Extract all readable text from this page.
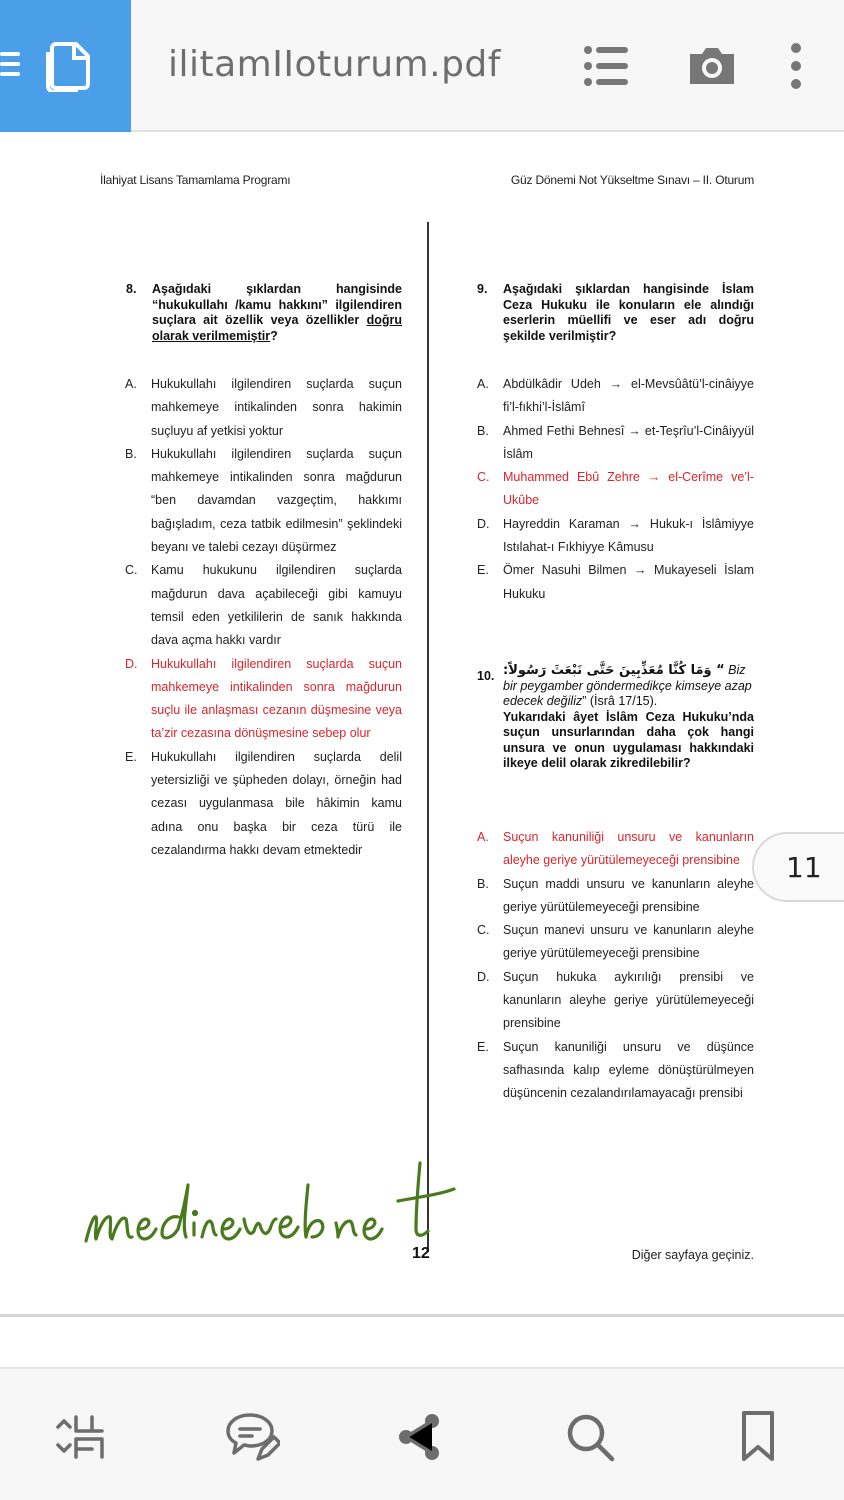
ilitamIIoturum.pdf
İlahiyat Lisans Tamamlama Programı	Güz Dönemi Not Yükseltme Sınavı – II. Oturum
8. Aşağıdaki şıklardan hangisinde “hukukullahı /kamu hakkını” ilgilendiren suçlara ait özellik veya özellikler doğru olarak verilmemiştir?

A. Hukukullahı ilgilendiren suçlarda suçun mahkemeye intikalinden sonra hakimin suçluyu af yetkisi yoktur
B. Hukukullahı ilgilendiren suçlarda suçun mahkemeye intikalinden sonra mağdurun “ben davamdan vazgeçtim, hakkımı bağışladım, ceza tatbik edilmesin” şeklindeki beyanı ve talebi cezayı düşürmez
C. Kamu hukukunu ilgilendiren suçlarda mağdurun dava açabileceği gibi kamuyu temsil eden yetkililerin de sanık hakkında dava açma hakkı vardır
D. Hukukullahı ilgilendiren suçlarda suçun mahkemeye intikalinden sonra mağdurun suçlu ile anlaşması cezanın düşmesine veya ta’zir cezasına dönüşmesine sebep olur
E. Hukukullahı ilgilendiren suçlarda delil yetersizliği ve şüpheden dolayı, örneğin had cezası uygulanmasa bile hâkimin kamu adına onu başka bir ceza türü ile cezalandırma hakkı devam etmektedir
9. Aşağıdaki şıklardan hangisinde İslam Ceza Hukuku ile konuların ele alındığı eserlerin müellifi ve eser adı doğru şekilde verilmiştir?

A. Abdülkâdir Udeh → el-Mevsûâtü’l-cinâiyye fi’l-fıkhi’l-İslâmî
B. Ahmed Fethi Behnesî → et-Teşrîu’l-Cinâiyyül İslâm
C. Muhammed Ebû Zehre → el-Cerîme ve’l-Ukûbe
D. Hayreddin Karaman → Hukuk-ı İslâmiyye Istılahat-ı Fıkhiyye Kâmusu
E. Ömer Nasuhi Bilmen → Mukayeseli İslam Hukuku
10. “ وَمَا كُنَّا مُعَذِّبِينَ حَتَّى نَبْعَثَ رَسُولاً: Biz bir peygamber göndermedikçe kimseye azap edecek değiliz” (İsrâ 17/15).

Yukarıdaki âyet İslâm Ceza Hukuku’nda suçun unsurlarından daha çok hangi unsura ve onun uygulaması hakkındaki ilkeye delil olarak zikredilebilir?

A. Suçun kanuniliği unsuru ve kanunların aleyhe geriye yürütülemeyeceği prensibine
B. Suçun maddi unsuru ve kanunların aleyhe geriye yürütülemeyeceği prensibine
C. Suçun manevi unsuru ve kanunların aleyhe geriye yürütülemeyeceği prensibine
D. Suçun hukuka aykırılığı prensibi ve kanunların aleyhe geriye yürütülemeyeceği prensibine
E. Suçun kanuniliği unsuru ve düşünce safhasında kalıp eyleme dönüştürülmeyen düşüncenin cezalandırılamayacağı prensibi
12	Diğer sayfaya geçiniz.
11
